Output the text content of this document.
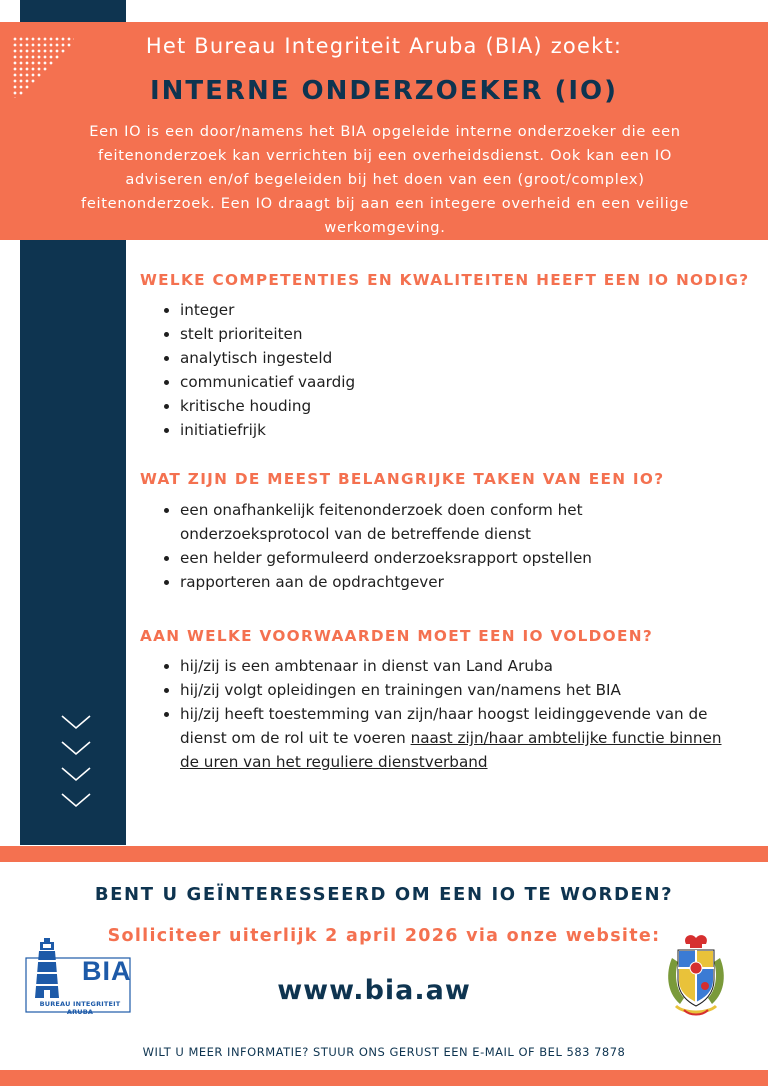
Het Bureau Integriteit Aruba (BIA) zoekt:
INTERNE ONDERZOEKER (IO)
Een IO is een door/namens het BIA opgeleide interne onderzoeker die een feitenonderzoek kan verrichten bij een overheidsdienst. Ook kan een IO adviseren en/of begeleiden bij het doen van een (groot/complex) feitenonderzoek. Een IO draagt bij aan een integere overheid en een veilige werkomgeving.
WELKE COMPETENTIES EN KWALITEITEN HEEFT EEN IO NODIG?
integer
stelt prioriteiten
analytisch ingesteld
communicatief vaardig
kritische houding
initiatiefrijk
WAT ZIJN DE MEEST BELANGRIJKE TAKEN VAN EEN IO?
een onafhankelijk feitenonderzoek doen conform het onderzoeksprotocol van de betreffende dienst
een helder geformuleerd onderzoeksrapport opstellen
rapporteren aan de opdrachtgever
AAN WELKE VOORWAARDEN MOET EEN IO VOLDOEN?
hij/zij is een ambtenaar in dienst van Land Aruba
hij/zij volgt opleidingen en trainingen van/namens het BIA
hij/zij heeft toestemming van zijn/haar hoogst leidinggevende van de dienst om de rol uit te voeren naast zijn/haar ambtelijke functie binnen de uren van het reguliere dienstverband
BENT U GEÏNTERESSEERD OM EEN IO TE WORDEN?
Solliciteer uiterlijk 2 april 2026 via onze website:
www.bia.aw
BIA
BUREAU INTEGRITEIT ARUBA
WILT U MEER INFORMATIE? STUUR ONS GERUST EEN E-MAIL OF BEL 583 7878
